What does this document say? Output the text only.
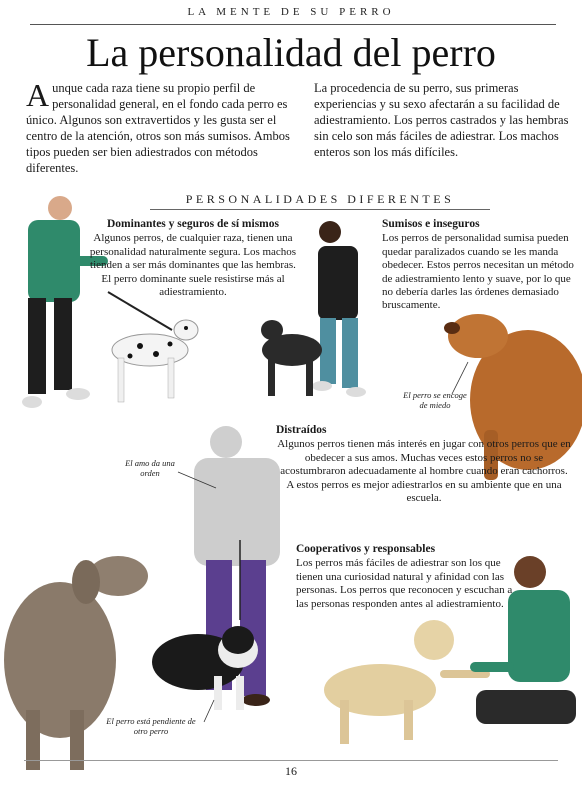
LA MENTE DE SU PERRO
La personalidad del perro
Aunque cada raza tiene su propio perfil de personalidad general, en el fondo cada perro es único. Algunos son extravertidos y les gusta ser el centro de la atención, otros son más sumisos. Ambos tipos pueden ser bien adiestrados con métodos diferentes.
La procedencia de su perro, sus primeras experiencias y su sexo afectarán a su facilidad de adiestramiento. Los perros castrados y las hembras sin celo son más fáciles de adiestrar. Los machos enteros son los más difíciles.
PERSONALIDADES DIFERENTES
Dominantes y seguros de sí mismos
Algunos perros, de cualquier raza, tienen una personalidad naturalmente segura. Los machos tienden a ser más dominantes que las hembras. El perro dominante suele resistirse más al adiestramiento.
Sumisos e inseguros
Los perros de personalidad sumisa pueden quedar paralizados cuando se les manda obedecer. Estos perros necesitan un método de adiestramiento lento y suave, por lo que no debería darles las órdenes demasiado bruscamente.
El perro se encoge de miedo
Distraídos
Algunos perros tienen más interés en jugar con otros perros que en obedecer a sus amos. Muchas veces estos perros no se acostumbraron adecuadamente al hombre cuando eran cachorros. A estos perros es mejor adiestrarlos en su ambiente que en una escuela.
El amo da una orden
Cooperativos y responsables
Los perros más fáciles de adiestrar son los que tienen una curiosidad natural y afinidad con las personas. Los perros que reconocen y escuchan a las personas responden antes al adiestramiento.
El perro está pendiente de otro perro
16
